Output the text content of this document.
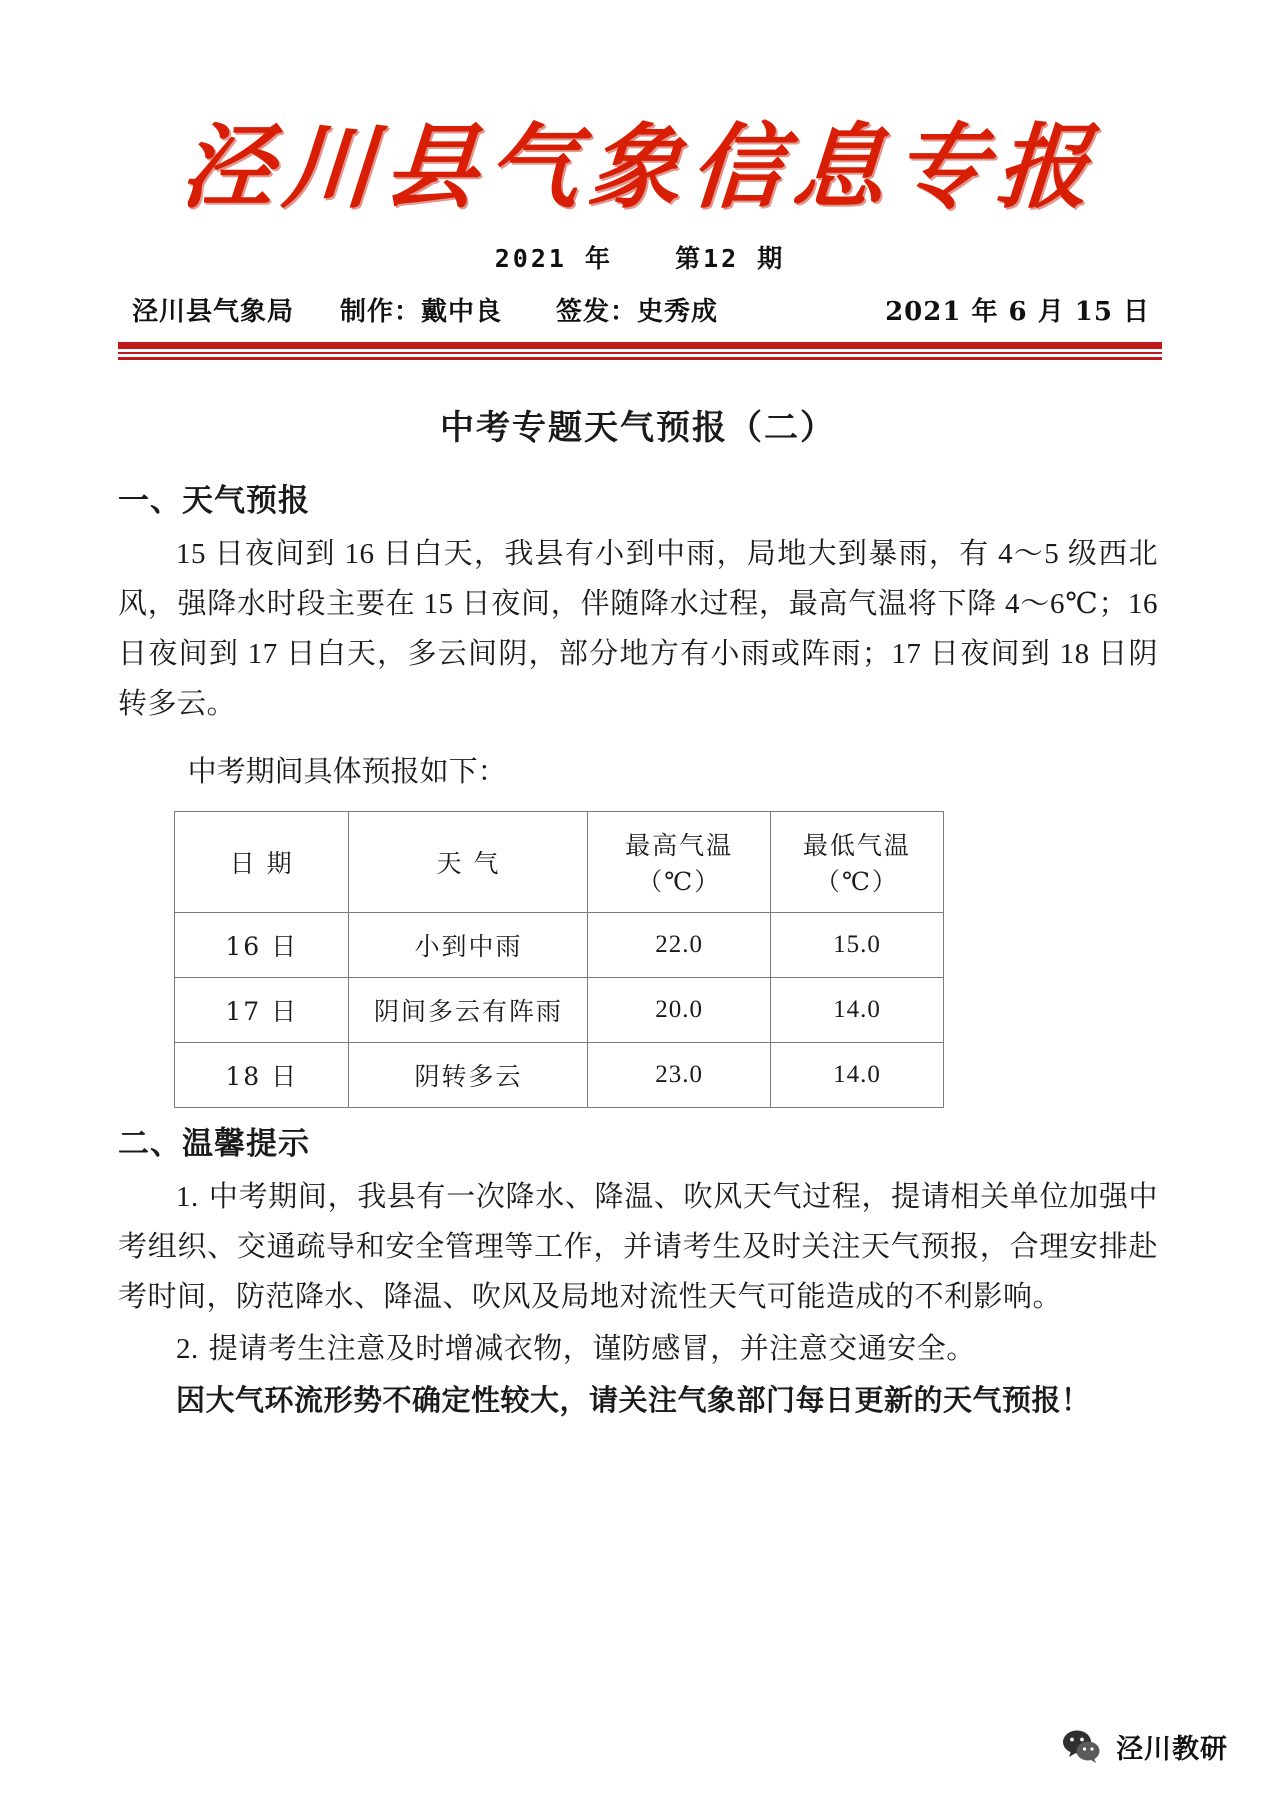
泾川县气象信息专报
2021 年 第12 期
泾川县气象局 制作：戴中良 签发：史秀成	2021 年 6 月 15 日
中考专题天气预报（二）
一、天气预报

15 日夜间到 16 日白天，我县有小到中雨，局地大到暴雨，有 4～5 级西北风，强降水时段主要在 15 日夜间，伴随降水过程，最高气温将下降 4～6℃；16 日夜间到 17 日白天，多云间阴，部分地方有小雨或阵雨；17 日夜间到 18 日阴转多云。

中考期间具体预报如下：

日 期	天 气	最高气温（℃）	最低气温（℃）
16 日	小到中雨	22.0	15.0
17 日	阴间多云有阵雨	20.0	14.0
18 日	阴转多云	23.0	14.0
二、温馨提示

1. 中考期间，我县有一次降水、降温、吹风天气过程，提请相关单位加强中考组织、交通疏导和安全管理等工作，并请考生及时关注天气预报，合理安排赴考时间，防范降水、降温、吹风及局地对流性天气可能造成的不利影响。

2. 提请考生注意及时增减衣物，谨防感冒，并注意交通安全。

因大气环流形势不确定性较大，请关注气象部门每日更新的天气预报！

泾川教研
